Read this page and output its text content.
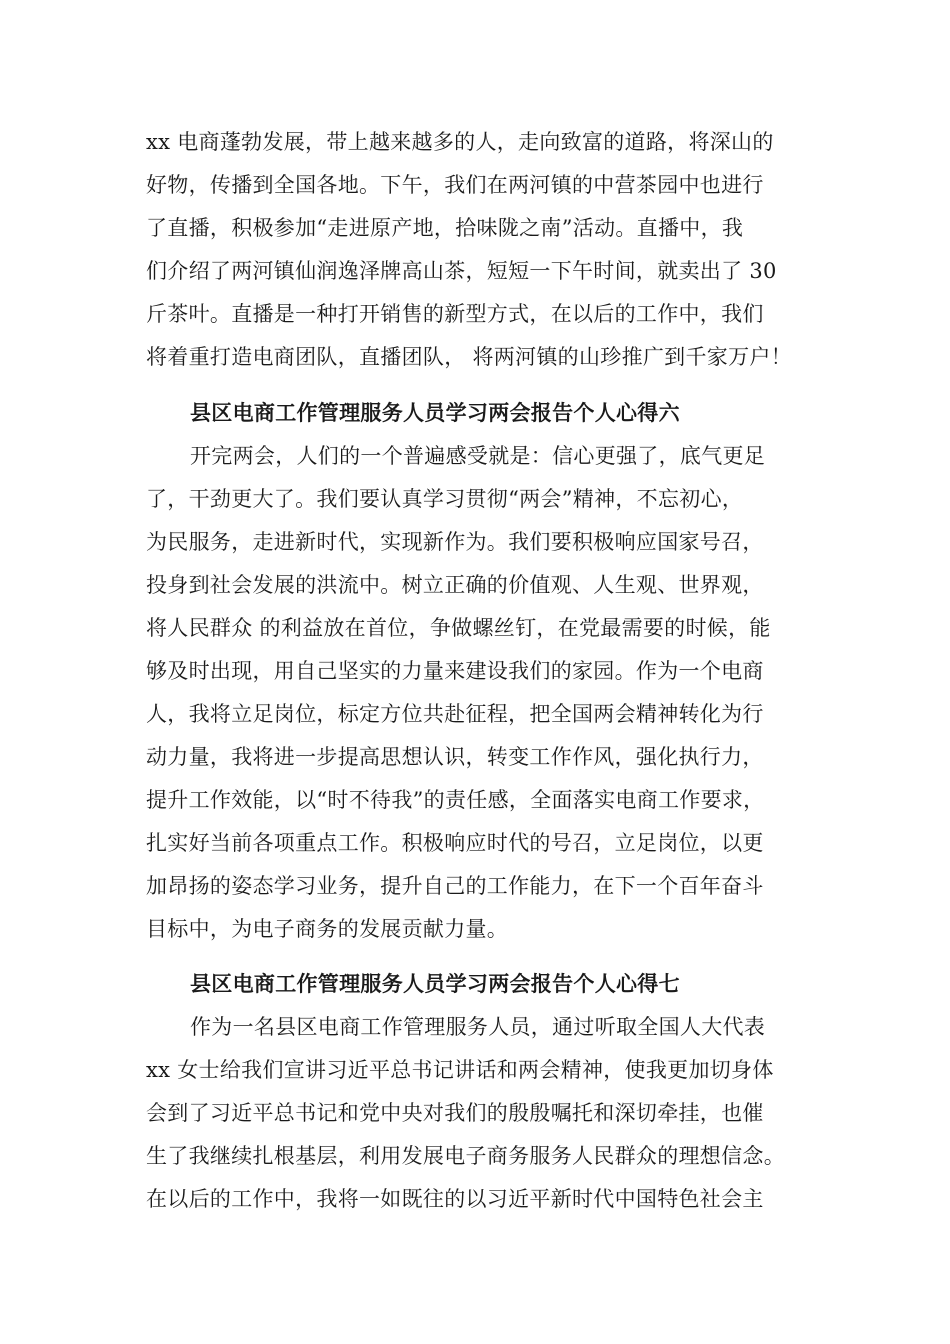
xx 电商蓬勃发展，带上越来越多的人，走向致富的道路，将深山的
好物，传播到全国各地。下午，我们在两河镇的中营茶园中也进行
了直播，积极参加“走进原产地，拾味陇之南”活动。直播中，我
们介绍了两河镇仙润逸泽牌高山茶，短短一下午时间，就卖出了 30
斤茶叶。直播是一种打开销售的新型方式，在以后的工作中，我们
将着重打造电商团队，直播团队， 将两河镇的山珍推广到千家万户！
县区电商工作管理服务人员学习两会报告个人心得六
开完两会，人们的一个普遍感受就是：信心更强了，底气更足
了，干劲更大了。我们要认真学习贯彻“两会”精神，不忘初心，
为民服务，走进新时代，实现新作为。我们要积极响应国家号召，
投身到社会发展的洪流中。树立正确的价值观、人生观、世界观，
将人民群众 的利益放在首位，争做螺丝钉，在党最需要的时候，能
够及时出现，用自己坚实的力量来建设我们的家园。作为一个电商
人，我将立足岗位，标定方位共赴征程，把全国两会精神转化为行
动力量，我将进一步提高思想认识，转变工作作风，强化执行力，
提升工作效能，以“时不待我”的责任感，全面落实电商工作要求，
扎实好当前各项重点工作。积极响应时代的号召，立足岗位，以更
加昂扬的姿态学习业务，提升自己的工作能力，在下一个百年奋斗
目标中，为电子商务的发展贡献力量。
县区电商工作管理服务人员学习两会报告个人心得七
作为一名县区电商工作管理服务人员，通过听取全国人大代表
xx 女士给我们宣讲习近平总书记讲话和两会精神，使我更加切身体
会到了习近平总书记和党中央对我们的殷殷嘱托和深切牵挂，也催
生了我继续扎根基层，利用发展电子商务服务人民群众的理想信念。
在以后的工作中，我将一如既往的以习近平新时代中国特色社会主
